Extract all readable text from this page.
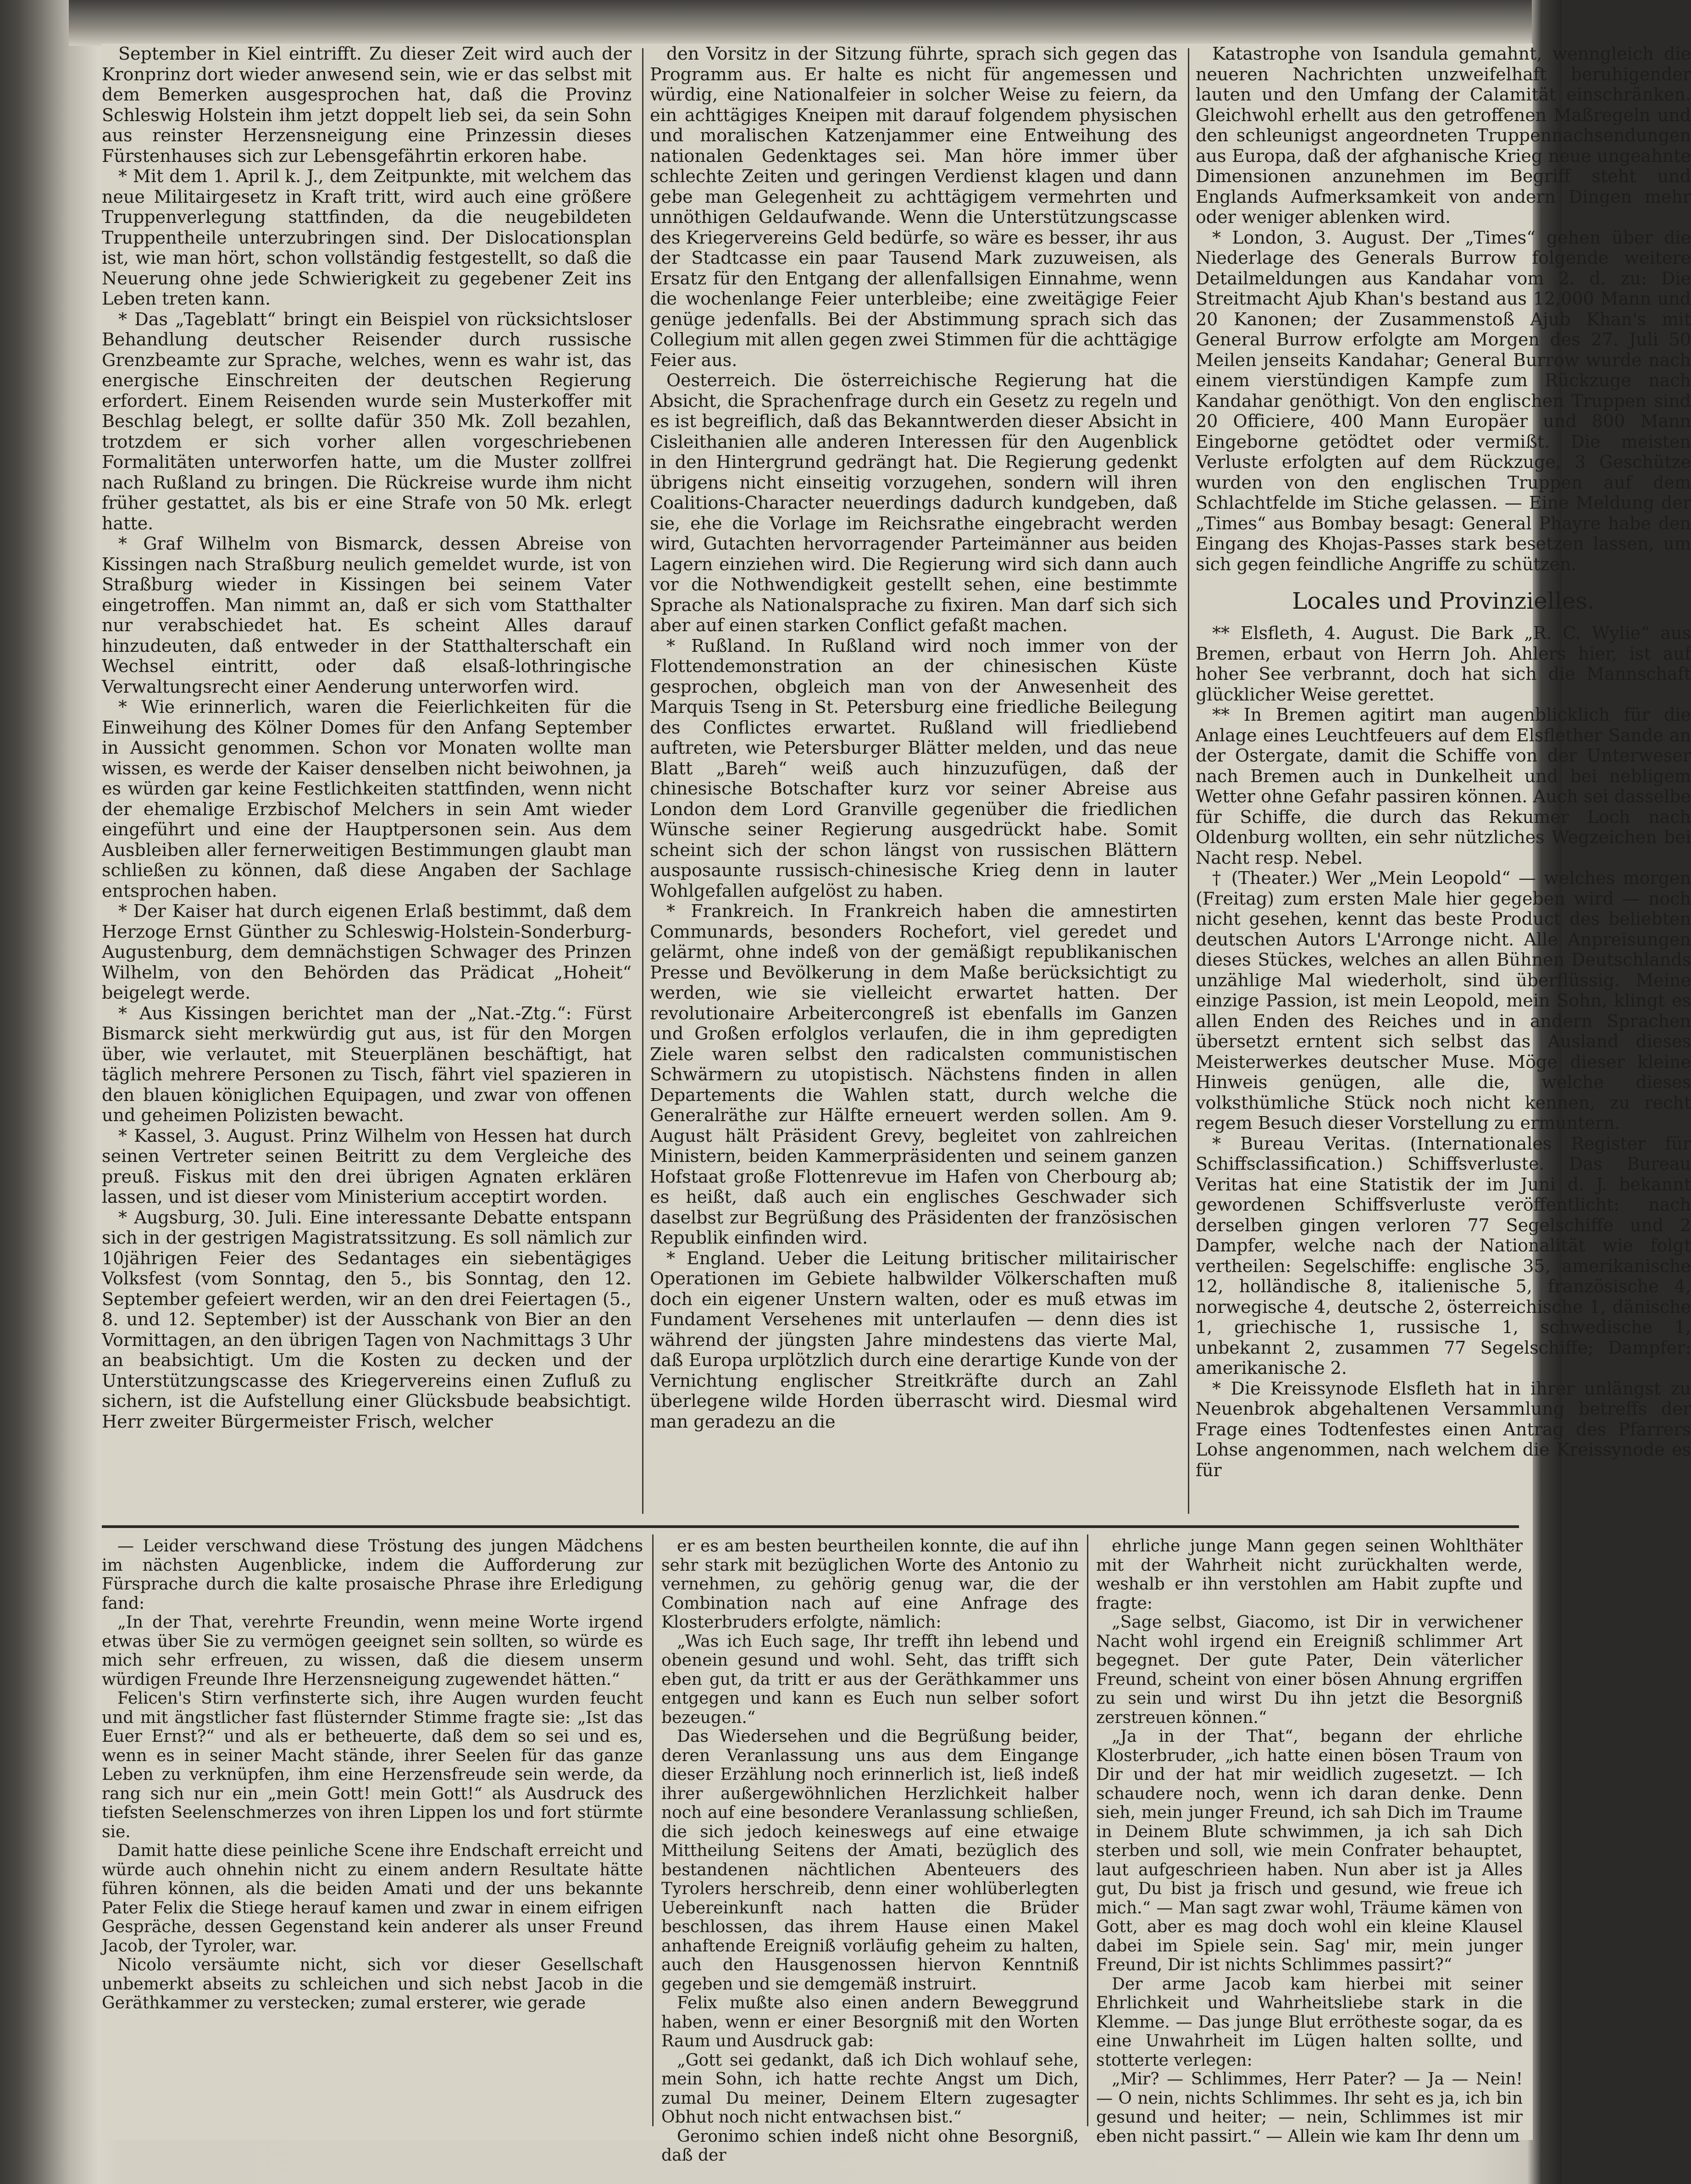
September in Kiel eintrifft. Zu dieser Zeit wird auch der Kronprinz dort wieder anwesend sein, wie er das selbst mit dem Bemerken ausgesprochen hat, daß die Provinz Schleswig Holstein ihm jetzt doppelt lieb sei, da sein Sohn aus reinster Herzensneigung eine Prinzessin dieses Fürstenhauses sich zur Lebensgefährtin erkoren habe.

* Mit dem 1. April k. J., dem Zeitpunkte, mit welchem das neue Militairgesetz in Kraft tritt, wird auch eine größere Truppenverlegung stattfinden, da die neugebildeten Truppentheile unterzubringen sind. Der Dislocationsplan ist, wie man hört, schon vollständig festgestellt, so daß die Neuerung ohne jede Schwierigkeit zu gegebener Zeit ins Leben treten kann.

* Das „Tageblatt“ bringt ein Beispiel von rücksichtsloser Behandlung deutscher Reisender durch russische Grenzbeamte zur Sprache, welches, wenn es wahr ist, das energische Einschreiten der deutschen Regierung erfordert. Einem Reisenden wurde sein Musterkoffer mit Beschlag belegt, er sollte dafür 350 Mk. Zoll bezahlen, trotzdem er sich vorher allen vorgeschriebenen Formalitäten unterworfen hatte, um die Muster zollfrei nach Rußland zu bringen. Die Rückreise wurde ihm nicht früher gestattet, als bis er eine Strafe von 50 Mk. erlegt hatte.

* Graf Wilhelm von Bismarck, dessen Abreise von Kissingen nach Straßburg neulich gemeldet wurde, ist von Straßburg wieder in Kissingen bei seinem Vater eingetroffen. Man nimmt an, daß er sich vom Statthalter nur verabschiedet hat. Es scheint Alles darauf hinzudeuten, daß entweder in der Statthalterschaft ein Wechsel eintritt, oder daß elsaß-lothringische Verwaltungsrecht einer Aenderung unterworfen wird.

* Wie erinnerlich, waren die Feierlichkeiten für die Einweihung des Kölner Domes für den Anfang September in Aussicht genommen. Schon vor Monaten wollte man wissen, es werde der Kaiser denselben nicht beiwohnen, ja es würden gar keine Festlichkeiten stattfinden, wenn nicht der ehemalige Erzbischof Melchers in sein Amt wieder eingeführt und eine der Hauptpersonen sein. Aus dem Ausbleiben aller fernerweitigen Bestimmungen glaubt man schließen zu können, daß diese Angaben der Sachlage entsprochen haben.

* Der Kaiser hat durch eigenen Erlaß bestimmt, daß dem Herzoge Ernst Günther zu Schleswig-Holstein-Sonderburg-Augustenburg, dem demnächstigen Schwager des Prinzen Wilhelm, von den Behörden das Prädicat „Hoheit“ beigelegt werde.

* Aus Kissingen berichtet man der „Nat.-Ztg.“: Fürst Bismarck sieht merkwürdig gut aus, ist für den Morgen über, wie verlautet, mit Steuerplänen beschäftigt, hat täglich mehrere Personen zu Tisch, fährt viel spazieren in den blauen königlichen Equipagen, und zwar von offenen und geheimen Polizisten bewacht.

* Kassel, 3. August. Prinz Wilhelm von Hessen hat durch seinen Vertreter seinen Beitritt zu dem Vergleiche des preuß. Fiskus mit den drei übrigen Agnaten erklären lassen, und ist dieser vom Ministerium acceptirt worden.

* Augsburg, 30. Juli. Eine interessante Debatte entspann sich in der gestrigen Magistratssitzung. Es soll nämlich zur 10jährigen Feier des Sedantages ein siebentägiges Volksfest (vom Sonntag, den 5., bis Sonntag, den 12. September gefeiert werden, wir an den drei Feiertagen (5., 8. und 12. September) ist der Ausschank von Bier an den Vormittagen, an den übrigen Tagen von Nachmittags 3 Uhr an beabsichtigt. Um die Kosten zu decken und der Unterstützungscasse des Kriegervereins einen Zufluß zu sichern, ist die Aufstellung einer Glücksbude beabsichtigt. Herr zweiter Bürgermeister Frisch, welcher

den Vorsitz in der Sitzung führte, sprach sich gegen das Programm aus. Er halte es nicht für angemessen und würdig, eine Nationalfeier in solcher Weise zu feiern, da ein achttägiges Kneipen mit darauf folgendem physischen und moralischen Katzenjammer eine Entweihung des nationalen Gedenktages sei. Man höre immer über schlechte Zeiten und geringen Verdienst klagen und dann gebe man Gelegenheit zu achttägigem vermehrten und unnöthigen Geldaufwande. Wenn die Unterstützungscasse des Kriegervereins Geld bedürfe, so wäre es besser, ihr aus der Stadtcasse ein paar Tausend Mark zuzuweisen, als Ersatz für den Entgang der allenfallsigen Einnahme, wenn die wochenlange Feier unterbleibe; eine zweitägige Feier genüge jedenfalls. Bei der Abstimmung sprach sich das Collegium mit allen gegen zwei Stimmen für die achttägige Feier aus.

Oesterreich. Die österreichische Regierung hat die Absicht, die Sprachenfrage durch ein Gesetz zu regeln und es ist begreiflich, daß das Bekanntwerden dieser Absicht in Cisleithanien alle anderen Interessen für den Augenblick in den Hintergrund gedrängt hat. Die Regierung gedenkt übrigens nicht einseitig vorzugehen, sondern will ihren Coalitions-Character neuerdings dadurch kundgeben, daß sie, ehe die Vorlage im Reichsrathe eingebracht werden wird, Gutachten hervorragender Parteimänner aus beiden Lagern einziehen wird. Die Regierung wird sich dann auch vor die Nothwendigkeit gestellt sehen, eine bestimmte Sprache als Nationalsprache zu fixiren. Man darf sich sich aber auf einen starken Conflict gefaßt machen.

* Rußland. In Rußland wird noch immer von der Flottendemonstration an der chinesischen Küste gesprochen, obgleich man von der Anwesenheit des Marquis Tseng in St. Petersburg eine friedliche Beilegung des Conflictes erwartet. Rußland will friedliebend auftreten, wie Petersburger Blätter melden, und das neue Blatt „Bareh“ weiß auch hinzuzufügen, daß der chinesische Botschafter kurz vor seiner Abreise aus London dem Lord Granville gegenüber die friedlichen Wünsche seiner Regierung ausgedrückt habe. Somit scheint sich der schon längst von russischen Blättern ausposaunte russisch-chinesische Krieg denn in lauter Wohlgefallen aufgelöst zu haben.

* Frankreich. In Frankreich haben die amnestirten Communards, besonders Rochefort, viel geredet und gelärmt, ohne indeß von der gemäßigt republikanischen Presse und Bevölkerung in dem Maße berücksichtigt zu werden, wie sie vielleicht erwartet hatten. Der revolutionaire Arbeitercongreß ist ebenfalls im Ganzen und Großen erfolglos verlaufen, die in ihm gepredigten Ziele waren selbst den radicalsten communistischen Schwärmern zu utopistisch. Nächstens finden in allen Departements die Wahlen statt, durch welche die Generalräthe zur Hälfte erneuert werden sollen. Am 9. August hält Präsident Grevy, begleitet von zahlreichen Ministern, beiden Kammerpräsidenten und seinem ganzen Hofstaat große Flottenrevue im Hafen von Cherbourg ab; es heißt, daß auch ein englisches Geschwader sich daselbst zur Begrüßung des Präsidenten der französischen Republik einfinden wird.

* England. Ueber die Leitung britischer militairischer Operationen im Gebiete halbwilder Völkerschaften muß doch ein eigener Unstern walten, oder es muß etwas im Fundament Versehenes mit unterlaufen — denn dies ist während der jüngsten Jahre mindestens das vierte Mal, daß Europa urplötzlich durch eine derartige Kunde von der Vernichtung englischer Streitkräfte durch an Zahl überlegene wilde Horden überrascht wird. Diesmal wird man geradezu an die

Katastrophe von Isandula gemahnt, wenngleich die neueren Nachrichten unzweifelhaft beruhigender lauten und den Umfang der Calamität einschränken. Gleichwohl erhellt aus den getroffenen Maßregeln und den schleunigst angeordneten Truppennachsendungen aus Europa, daß der afghanische Krieg neue ungeahnte Dimensionen anzunehmen im Begriff steht und Englands Aufmerksamkeit von andern Dingen mehr oder weniger ablenken wird.

* London, 3. August. Der „Times“ gehen über die Niederlage des Generals Burrow folgende weitere Detailmeldungen aus Kandahar vom 2. d. zu: Die Streitmacht Ajub Khan's bestand aus 12,000 Mann und 20 Kanonen; der Zusammenstoß Ajub Khan's mit General Burrow erfolgte am Morgen des 27. Juli 50 Meilen jenseits Kandahar; General Burrow wurde nach einem vierstündigen Kampfe zum Rückzuge nach Kandahar genöthigt. Von den englischen Truppen sind 20 Officiere, 400 Mann Europäer und 800 Mann Eingeborne getödtet oder vermißt. Die meisten Verluste erfolgten auf dem Rückzuge, 3 Geschütze wurden von den englischen Truppen auf dem Schlachtfelde im Stiche gelassen. — Eine Meldung der „Times“ aus Bombay besagt: General Phayre habe den Eingang des Khojas-Passes stark besetzen lassen, um sich gegen feindliche Angriffe zu schützen.

Locales und Provinzielles.

** Elsfleth, 4. August. Die Bark „R. C. Wylie“ aus Bremen, erbaut von Herrn Joh. Ahlers hier, ist auf hoher See verbrannt, doch hat sich die Mannschaft glücklicher Weise gerettet.

** In Bremen agitirt man augenblicklich für die Anlage eines Leuchtfeuers auf dem Elsflether Sande an der Ostergate, damit die Schiffe von der Unterweser nach Bremen auch in Dunkelheit und bei nebligem Wetter ohne Gefahr passiren können. Auch sei dasselbe für Schiffe, die durch das Rekumer Loch nach Oldenburg wollten, ein sehr nützliches Wegzeichen bei Nacht resp. Nebel.

† (Theater.) Wer „Mein Leopold“ — welches morgen (Freitag) zum ersten Male hier gegeben wird — noch nicht gesehen, kennt das beste Product des beliebten deutschen Autors L'Arronge nicht. Alle Anpreisungen dieses Stückes, welches an allen Bühnen Deutschlands unzählige Mal wiederholt, sind überflüssig. Meine einzige Passion, ist mein Leopold, mein Sohn, klingt es allen Enden des Reiches und in andern Sprachen übersetzt erntent sich selbst das Ausland dieses Meisterwerkes deutscher Muse. Möge dieser kleine Hinweis genügen, alle die, welche dieses volksthümliche Stück noch nicht kennen, zu recht regem Besuch dieser Vorstellung zu ermuntern.

* Bureau Veritas. (Internationales Register für Schiffsclassification.) Schiffsverluste. Das Bureau Veritas hat eine Statistik der im Juni d. J. bekannt gewordenen Schiffsverluste veröffentlicht: nach derselben gingen verloren 77 Segelschiffe und 2 Dampfer, welche nach der Nationalität wie folgt vertheilen: Segelschiffe: englische 35, amerikanische 12, holländische 8, italienische 5, französische 4, norwegische 4, deutsche 2, österreichische 1, dänische 1, griechische 1, russische 1, schwedische 1, unbekannt 2, zusammen 77 Segelschiffe; Dampfer: amerikanische 2.

* Die Kreissynode Elsfleth hat in ihrer unlängst zu Neuenbrok abgehaltenen Versammlung betreffs der Frage eines Todtenfestes einen Antrag des Pfarrers Lohse angenommen, nach welchem die Kreissynode es für

— Leider verschwand diese Tröstung des jungen Mädchens im nächsten Augenblicke, indem die Aufforderung zur Fürsprache durch die kalte prosaische Phrase ihre Erledigung fand:

„In der That, verehrte Freundin, wenn meine Worte irgend etwas über Sie zu vermögen geeignet sein sollten, so würde es mich sehr erfreuen, zu wissen, daß die diesem unserm würdigen Freunde Ihre Herzensneigung zugewendet hätten.“

Felicen's Stirn verfinsterte sich, ihre Augen wurden feucht und mit ängstlicher fast flüsternder Stimme fragte sie: „Ist das Euer Ernst?“ und als er betheuerte, daß dem so sei und es, wenn es in seiner Macht stände, ihrer Seelen für das ganze Leben zu verknüpfen, ihm eine Herzensfreude sein werde, da rang sich nur ein „mein Gott! mein Gott!“ als Ausdruck des tiefsten Seelenschmerzes von ihren Lippen los und fort stürmte sie.

Damit hatte diese peinliche Scene ihre Endschaft erreicht und würde auch ohnehin nicht zu einem andern Resultate hätte führen können, als die beiden Amati und der uns bekannte Pater Felix die Stiege herauf kamen und zwar in einem eifrigen Gespräche, dessen Gegenstand kein anderer als unser Freund Jacob, der Tyroler, war.

Nicolo versäumte nicht, sich vor dieser Gesellschaft unbemerkt abseits zu schleichen und sich nebst Jacob in die Geräthkammer zu verstecken; zumal ersterer, wie gerade

er es am besten beurtheilen konnte, die auf ihn sehr stark mit bezüglichen Worte des Antonio zu vernehmen, zu gehörig genug war, die der Combination nach auf eine Anfrage des Klosterbruders erfolgte, nämlich:

„Was ich Euch sage, Ihr trefft ihn lebend und obenein gesund und wohl. Seht, das trifft sich eben gut, da tritt er aus der Geräthkammer uns entgegen und kann es Euch nun selber sofort bezeugen.“

Das Wiedersehen und die Begrüßung beider, deren Veranlassung uns aus dem Eingange dieser Erzählung noch erinnerlich ist, ließ indeß ihrer außergewöhnlichen Herzlichkeit halber noch auf eine besondere Veranlassung schließen, die sich jedoch keineswegs auf eine etwaige Mittheilung Seitens der Amati, bezüglich des bestandenen nächtlichen Abenteuers des Tyrolers herschreib, denn einer wohlüberlegten Uebereinkunft nach hatten die Brüder beschlossen, das ihrem Hause einen Makel anhaftende Ereigniß vorläufig geheim zu halten, auch den Hausgenossen hiervon Kenntniß gegeben und sie demgemäß instruirt.

Felix mußte also einen andern Beweggrund haben, wenn er einer Besorgniß mit den Worten Raum und Ausdruck gab:

„Gott sei gedankt, daß ich Dich wohlauf sehe, mein Sohn, ich hatte rechte Angst um Dich, zumal Du meiner, Deinem Eltern zugesagter Obhut noch nicht entwachsen bist.“

Geronimo schien indeß nicht ohne Besorgniß, daß der

ehrliche junge Mann gegen seinen Wohlthäter mit der Wahrheit nicht zurückhalten werde, weshalb er ihn verstohlen am Habit zupfte und fragte:

„Sage selbst, Giacomo, ist Dir in verwichener Nacht wohl irgend ein Ereigniß schlimmer Art begegnet. Der gute Pater, Dein väterlicher Freund, scheint von einer bösen Ahnung ergriffen zu sein und wirst Du ihn jetzt die Besorgniß zerstreuen können.“

„Ja in der That“, begann der ehrliche Klosterbruder, „ich hatte einen bösen Traum von Dir und der hat mir weidlich zugesetzt. — Ich schaudere noch, wenn ich daran denke. Denn sieh, mein junger Freund, ich sah Dich im Traume in Deinem Blute schwimmen, ja ich sah Dich sterben und soll, wie mein Confrater behauptet, laut aufgeschrieen haben. Nun aber ist ja Alles gut, Du bist ja frisch und gesund, wie freue ich mich.“ — Man sagt zwar wohl, Träume kämen von Gott, aber es mag doch wohl ein kleine Klausel dabei im Spiele sein. Sag' mir, mein junger Freund, Dir ist nichts Schlimmes passirt?“

Der arme Jacob kam hierbei mit seiner Ehrlichkeit und Wahrheitsliebe stark in die Klemme. — Das junge Blut errötheste sogar, da es eine Unwahrheit im Lügen halten sollte, und stotterte verlegen:

„Mir? — Schlimmes, Herr Pater? — Ja — Nein! — O nein, nichts Schlimmes. Ihr seht es ja, ich bin gesund und heiter; — nein, Schlimmes ist mir eben nicht passirt.“ — Allein wie kam Ihr denn um
